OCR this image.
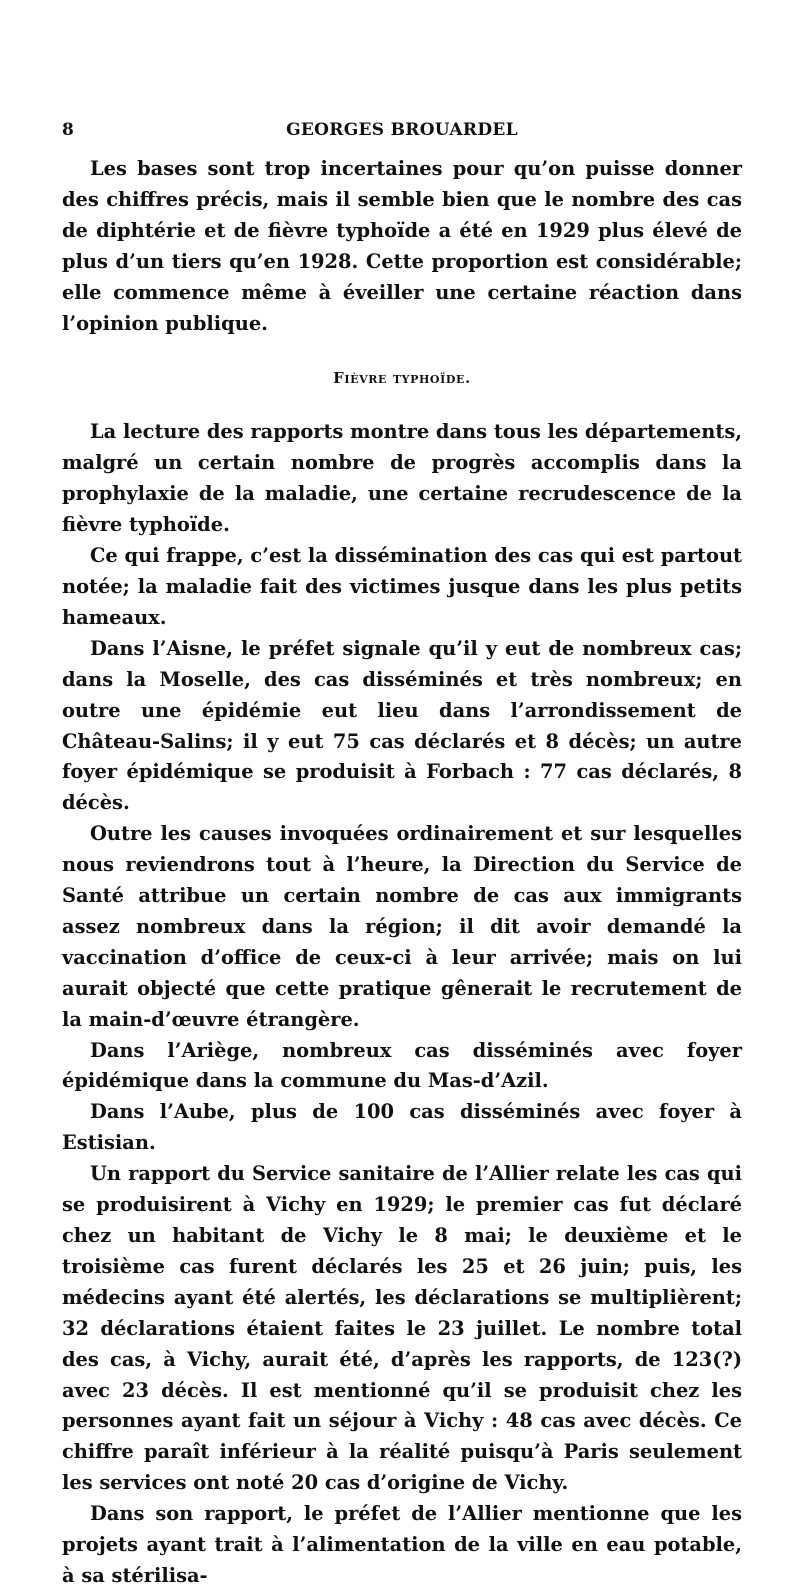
8	GEORGES BROUARDEL

Les bases sont trop incertaines pour qu’on puisse donner des chiffres précis, mais il semble bien que le nombre des cas de diphtérie et de fièvre typhoïde a été en 1929 plus élevé de plus d’un tiers qu’en 1928. Cette proportion est considérable; elle commence même à éveiller une certaine réaction dans l’opinion publique.

Fièvre typhoïde.

La lecture des rapports montre dans tous les départements, malgré un certain nombre de progrès accomplis dans la prophylaxie de la maladie, une certaine recrudescence de la fièvre typhoïde.

Ce qui frappe, c’est la dissémination des cas qui est partout notée; la maladie fait des victimes jusque dans les plus petits hameaux.

Dans l’Aisne, le préfet signale qu’il y eut de nombreux cas; dans la Moselle, des cas disséminés et très nombreux; en outre une épidémie eut lieu dans l’arrondissement de Château-Salins; il y eut 75 cas déclarés et 8 décès; un autre foyer épidémique se produisit à Forbach : 77 cas déclarés, 8 décès.

Outre les causes invoquées ordinairement et sur lesquelles nous reviendrons tout à l’heure, la Direction du Service de Santé attribue un certain nombre de cas aux immigrants assez nombreux dans la région; il dit avoir demandé la vaccination d’office de ceux-ci à leur arrivée; mais on lui aurait objecté que cette pratique gênerait le recrutement de la main-d’œuvre étrangère.

Dans l’Ariège, nombreux cas disséminés avec foyer épidémique dans la commune du Mas-d’Azil.

Dans l’Aube, plus de 100 cas disséminés avec foyer à Estisian.

Un rapport du Service sanitaire de l’Allier relate les cas qui se produisirent à Vichy en 1929; le premier cas fut déclaré chez un habitant de Vichy le 8 mai; le deuxième et le troisième cas furent déclarés les 25 et 26 juin; puis, les médecins ayant été alertés, les déclarations se multiplièrent; 32 déclarations étaient faites le 23 juillet. Le nombre total des cas, à Vichy, aurait été, d’après les rapports, de 123(?) avec 23 décès. Il est mentionné qu’il se produisit chez les personnes ayant fait un séjour à Vichy : 48 cas avec décès. Ce chiffre paraît inférieur à la réalité puisqu’à Paris seulement les services ont noté 20 cas d’origine de Vichy.

Dans son rapport, le préfet de l’Allier mentionne que les projets ayant trait à l’alimentation de la ville en eau potable, à sa stérilisa-
